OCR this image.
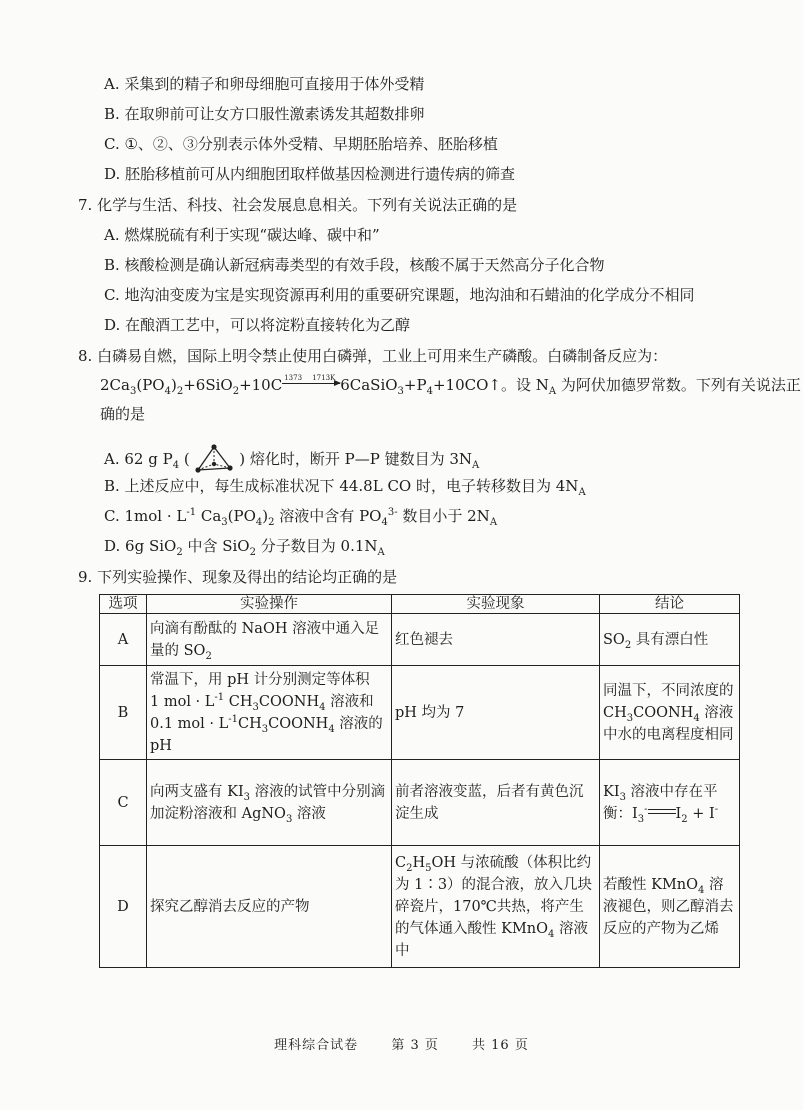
A. 采集到的精子和卵母细胞可直接用于体外受精
B. 在取卵前可让女方口服性激素诱发其超数排卵
C. ①、②、③分别表示体外受精、早期胚胎培养、胚胎移植
D. 胚胎移植前可从内细胞团取样做基因检测进行遗传病的筛查
7. 化学与生活、科技、社会发展息息相关。下列有关说法正确的是
A. 燃煤脱硫有利于实现“碳达峰、碳中和”
B. 核酸检测是确认新冠病毒类型的有效手段，核酸不属于天然高分子化合物
C. 地沟油变废为宝是实现资源再利用的重要研究课题，地沟油和石蜡油的化学成分不相同
D. 在酿酒工艺中，可以将淀粉直接转化为乙醇
8. 白磷易自燃，国际上明令禁止使用白磷弹，工业上可用来生产磷酸。白磷制备反应为：
$2Ca_3(PO_4)_2+6SiO_2+10C$ 1373 1713K $6CaSiO_3+P_4+10CO↑$。设 $N_A$ 为阿伏加德罗常数。下列有关说法正
确的是
A. 62 g $P_4$ (	) 熔化时，断开 P—P 键数目为 $3N_A$
B. 上述反应中，每生成标准状况下 44.8L CO 时，电子转移数目为 $4N_A$
C. $1mol \cdot L^{-1}$ $Ca_3(PO_4)_2$ 溶液中含有 $PO_4^{3-}$ 数目小于 $2N_A$
D. 6g SiO$_2$ 中含 SiO$_2$ 分子数目为 $0.1N_A$
9. 下列实验操作、现象及得出的结论均正确的是
选项	实验操作	实验现象	结论
A	向滴有酚酞的 NaOH 溶液中通入足量的 $SO_2$	红色褪去	$SO_2$ 具有漂白性
B	常温下，用 pH 计分别测定等体积
1 mol · $L^{-1}$ $CH_3COONH_4$ 溶液和
0.1 mol · $L^{-1}CH_3COONH_4$ 溶液的 pH	pH 均为 7	同温下，不同浓度的 $CH_3COONH_4$ 溶液中水的电离程度相同
C	向两支盛有 $KI_3$ 溶液的试管中分别滴加淀粉溶液和 AgNO$_3$ 溶液	前者溶液变蓝，后者有黄色沉淀生成	$KI_3$ 溶液中存在平衡：$I_3^-$ $I_2 + I^-$
D	探究乙醇消去反应的产物	$C_2H_5OH$ 与浓硫酸（体积比约为 1∶3）的混合液，放入几块碎瓷片，170℃共热，将产生的气体通入酸性 KMnO$_4$ 溶液中	若酸性 KMnO$_4$ 溶液褪色，则乙醇消去反应的产物为乙烯
理科综合试卷	第 3 页	共 16 页
